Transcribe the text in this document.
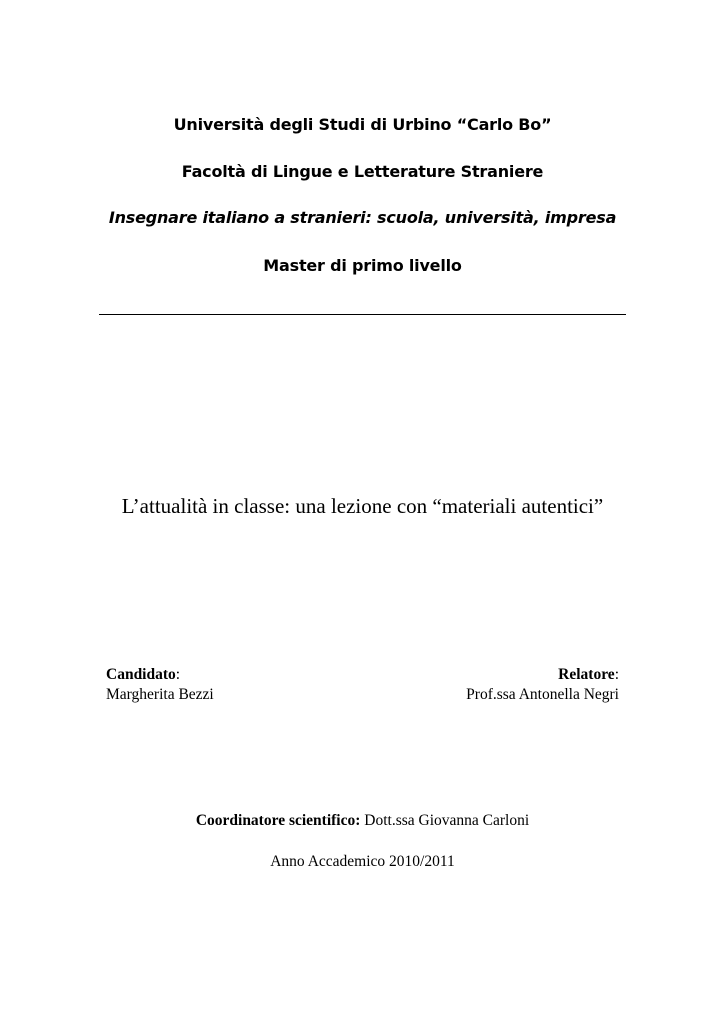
Università degli Studi di Urbino “Carlo Bo”
Facoltà di Lingue e Letterature Straniere
Insegnare italiano a stranieri: scuola, università, impresa
Master di primo livello
L’attualità in classe: una lezione con “materiali autentici”
Candidato:
Margherita Bezzi
Relatore:
Prof.ssa Antonella Negri
Coordinatore scientifico: Dott.ssa Giovanna Carloni
Anno Accademico 2010/2011
